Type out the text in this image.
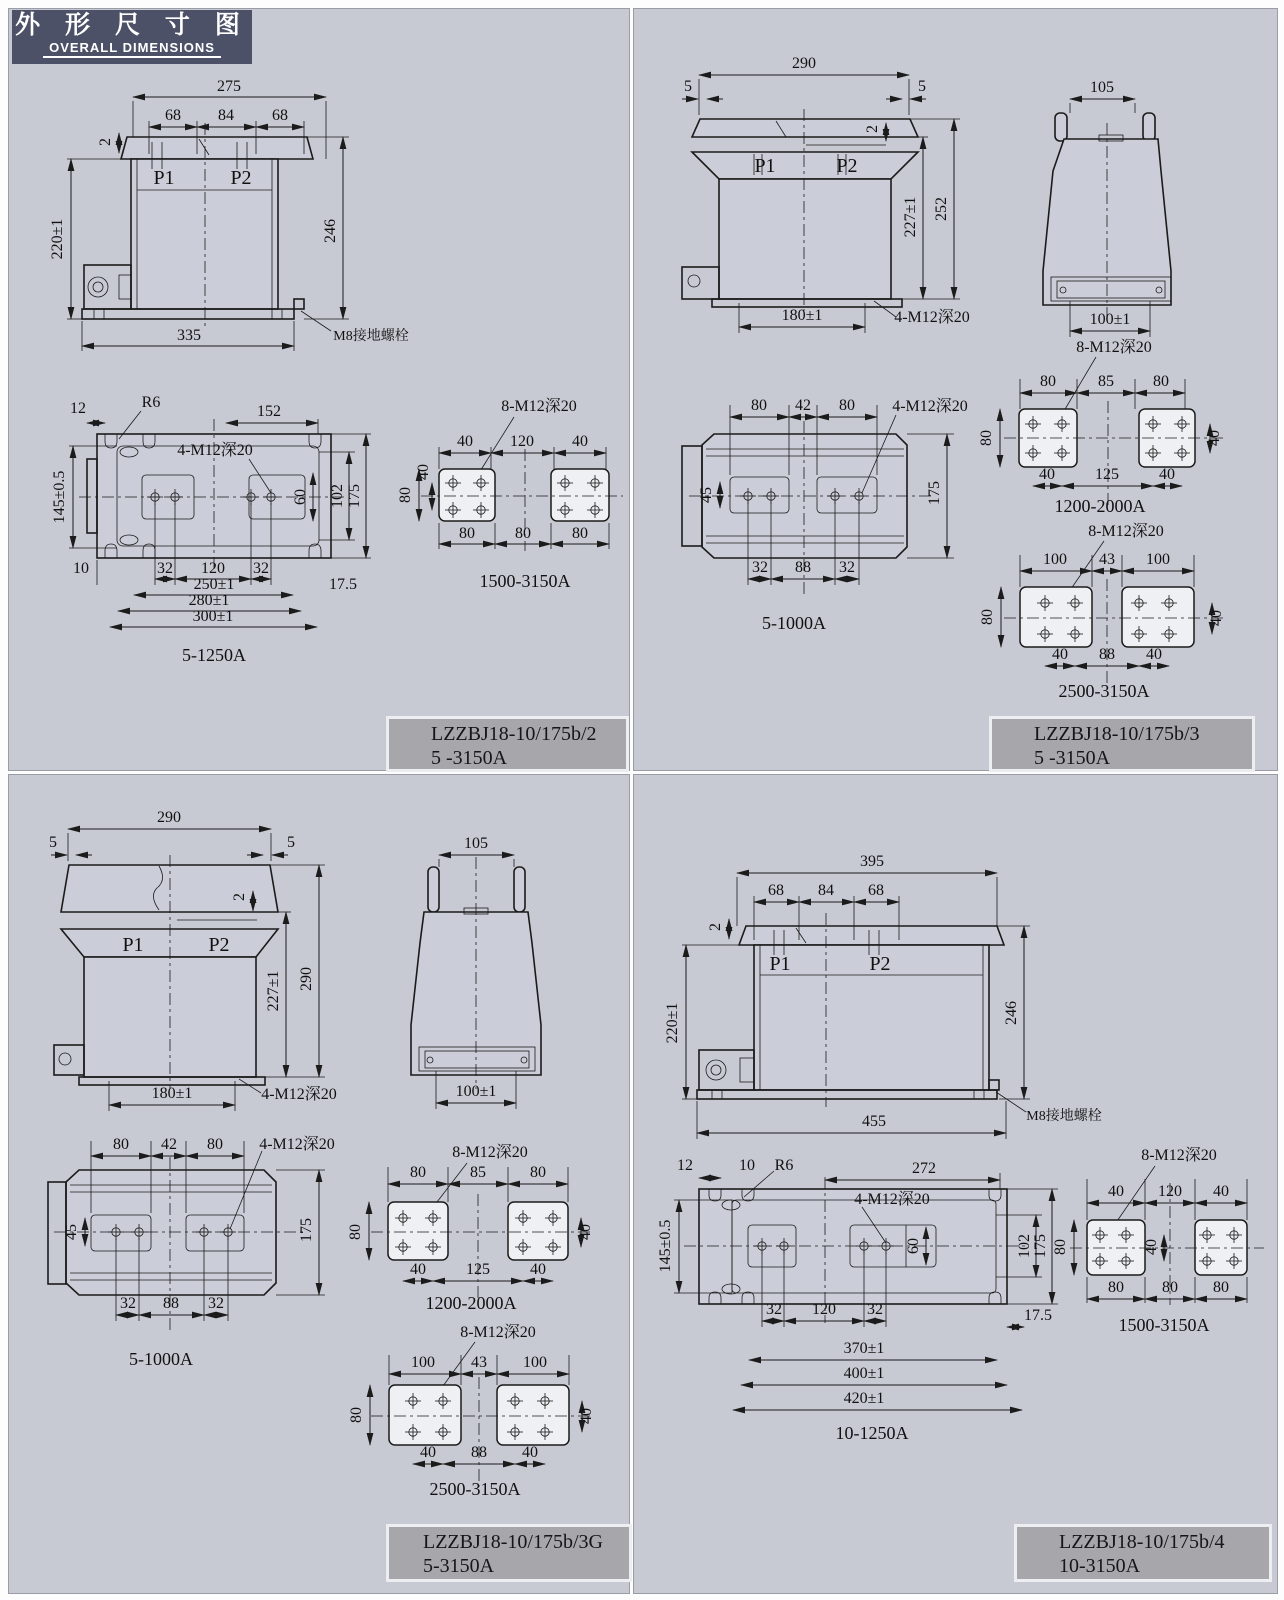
275
68 84 68
2
P1	P2
220±1	246
335	M8接地螺栓
12	R6
152
4-M12深20
145±0.5	60 102 175
10	32 120 32
250±1	17.5
280±1
300±1
5-1250A
8-M12深20
40 120 40
80
40
80	80	80
1500-3150A
外 形 尺 寸 图
OVERALL DIMENSIONS
LZZBJ18-10/175b/2
5 -3150A
290
5	5
2
P1	P2
227±1 252
180±1	4-M12深20
105
100±1
8-M12深20
80	85 80
80	40
40	125	40
1200-2000A
8-M12深20
100 43 100
80	40
40 88 40
2500-3150A
80 42 80 4-M12深20
45	175
32 88 32
5-1000A
LZZBJ18-10/175b/3
5 -3150A
290
5	5
2
P1	P2
227±1 290
180±1	4-M12深20
105
100±1
8-M12深20
80	85	80
80	40
40	125	40
1200-2000A
8-M12深20
100 43 100
80	40
40 88 40
2500-3150A
80 42 80 4-M12深20
45	175
32 88 32
5-1000A
LZZBJ18-10/175b/3G
5-3150A
395
68 84 68
2
P1	P2
220±1	246
455	M8接地螺栓
12	10 R6	272
4-M12深20
145±0.5	60	102 175
32 120 32	17.5
370±1
400±1
420±1
10-1250A
8-M12深20
40 120 40
80	40
80 80 80
1500-3150A
LZZBJ18-10/175b/4
10-3150A
